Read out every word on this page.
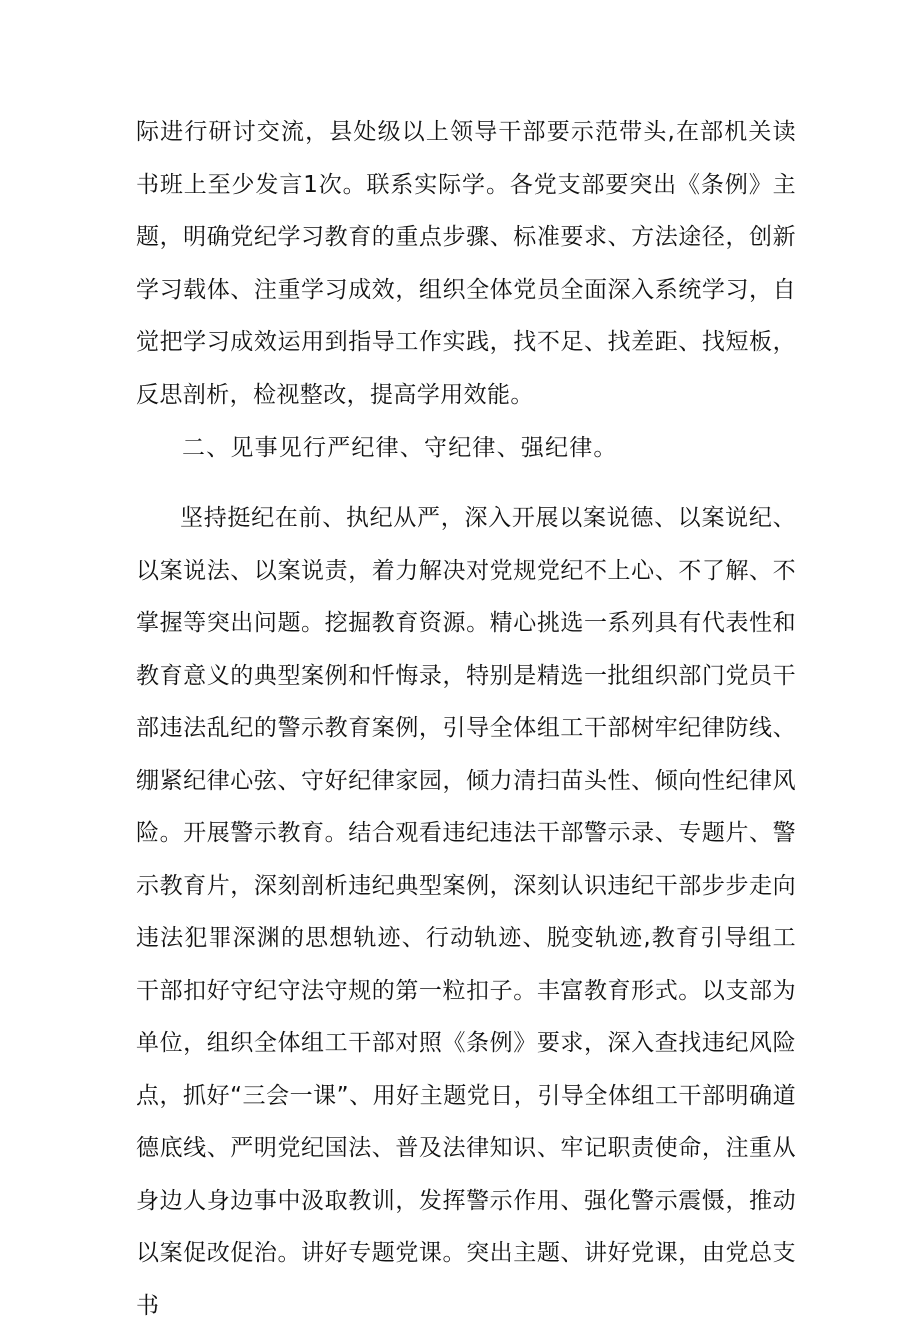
际进行研讨交流，县处级以上领导干部要示范带头,在部机关读书班上至少发言1次。联系实际学。各党支部要突出《条例》主题，明确党纪学习教育的重点步骤、标准要求、方法途径，创新学习载体、注重学习成效，组织全体党员全面深入系统学习，自觉把学习成效运用到指导工作实践，找不足、找差距、找短板，反思剖析，检视整改，提高学用效能。

二、见事见行严纪律、守纪律、强纪律。

坚持挺纪在前、执纪从严，深入开展以案说德、以案说纪、以案说法、以案说责，着力解决对党规党纪不上心、不了解、不掌握等突出问题。挖掘教育资源。精心挑选一系列具有代表性和教育意义的典型案例和忏悔录，特别是精选一批组织部门党员干部违法乱纪的警示教育案例，引导全体组工干部树牢纪律防线、绷紧纪律心弦、守好纪律家园，倾力清扫苗头性、倾向性纪律风险。开展警示教育。结合观看违纪违法干部警示录、专题片、警示教育片，深刻剖析违纪典型案例，深刻认识违纪干部步步走向违法犯罪深渊的思想轨迹、行动轨迹、脱变轨迹,教育引导组工干部扣好守纪守法守规的第一粒扣子。丰富教育形式。以支部为单位，组织全体组工干部对照《条例》要求，深入查找违纪风险点，抓好“三会一课”、用好主题党日，引导全体组工干部明确道德底线、严明党纪国法、普及法律知识、牢记职责使命，注重从身边人身边事中汲取教训，发挥警示作用、强化警示震慑，推动以案促改促治。讲好专题党课。突出主题、讲好党课，由党总支书
